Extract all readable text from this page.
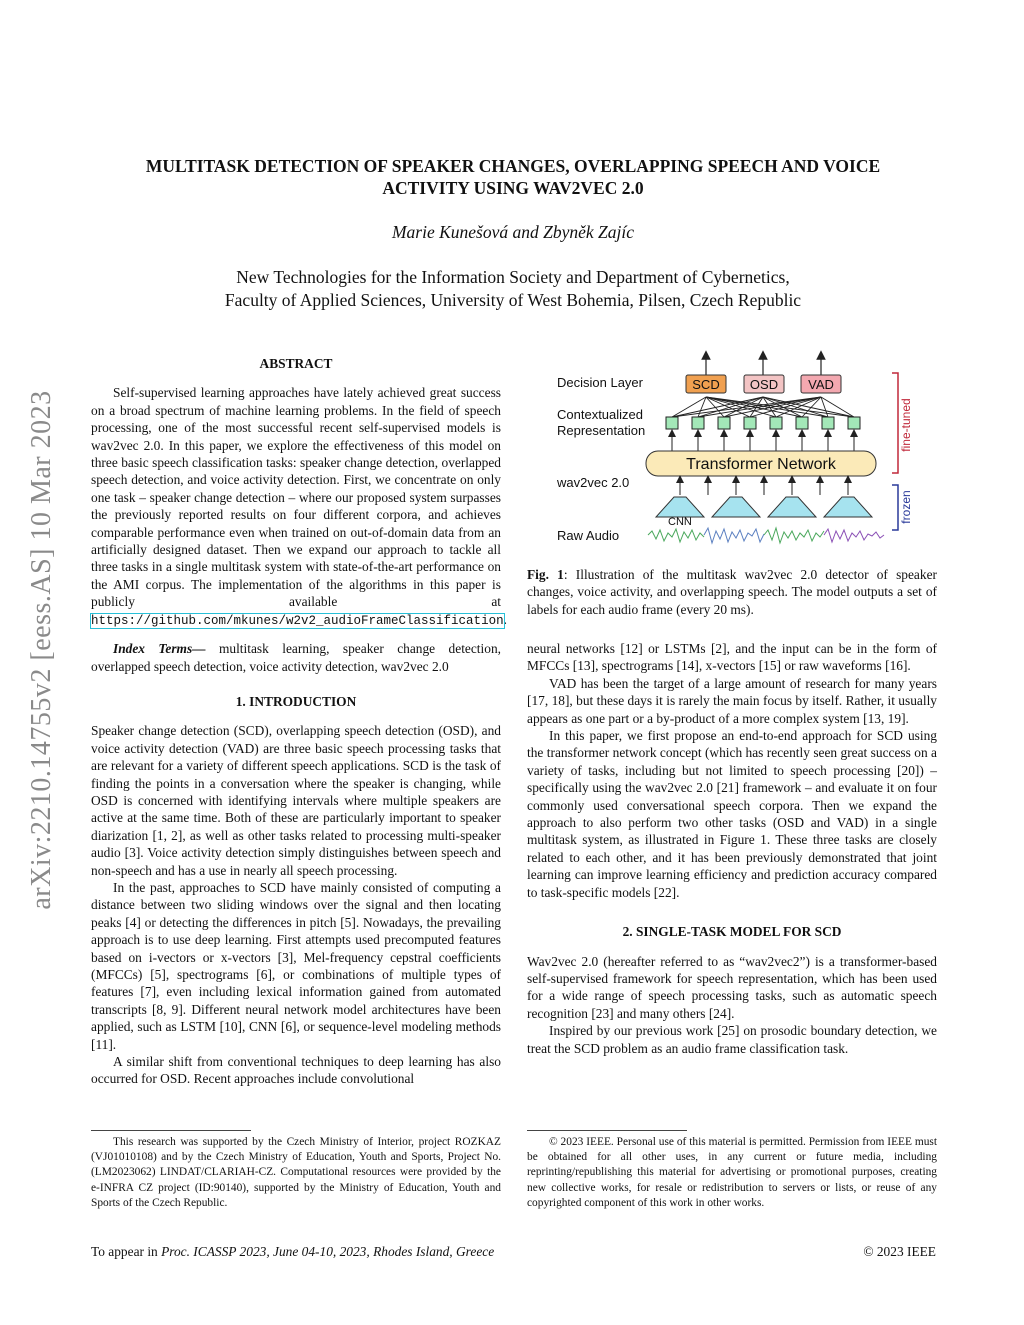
arXiv:2210.14755v2 [eess.AS] 10 Mar 2023
MULTITASK DETECTION OF SPEAKER CHANGES, OVERLAPPING SPEECH AND VOICE
ACTIVITY USING WAV2VEC 2.0
Marie Kunešová and Zbyněk Zajíc
New Technologies for the Information Society and Department of Cybernetics,
Faculty of Applied Sciences, University of West Bohemia, Pilsen, Czech Republic
ABSTRACT
Self-supervised learning approaches have lately achieved great success on a broad spectrum of machine learning problems. In the field of speech processing, one of the most successful recent self-supervised models is wav2vec 2.0. In this paper, we explore the effectiveness of this model on three basic speech classification tasks: speaker change detection, overlapped speech detection, and voice activity detection. First, we concentrate on only one task – speaker change detection – where our proposed system surpasses the previously reported results on four different corpora, and achieves comparable performance even when trained on out-of-domain data from an artificially designed dataset. Then we expand our approach to tackle all three tasks in a single multitask system with state-of-the-art performance on the AMI corpus. The implementation of the algorithms in this paper is publicly available at https://github.com/mkunes/w2v2_audioFrameClassification.
Index Terms— multitask learning, speaker change detection, overlapped speech detection, voice activity detection, wav2vec 2.0
1. INTRODUCTION
Speaker change detection (SCD), overlapping speech detection (OSD), and voice activity detection (VAD) are three basic speech processing tasks that are relevant for a variety of different speech applications. SCD is the task of finding the points in a conversation where the speaker is changing, while OSD is concerned with identifying intervals where multiple speakers are active at the same time. Both of these are particularly important to speaker diarization [1, 2], as well as other tasks related to processing multi-speaker audio [3]. Voice activity detection simply distinguishes between speech and non-speech and has a use in nearly all speech processing.
In the past, approaches to SCD have mainly consisted of computing a distance between two sliding windows over the signal and then locating peaks [4] or detecting the differences in pitch [5]. Nowadays, the prevailing approach is to use deep learning. First attempts used precomputed features based on i-vectors or x-vectors [3], Mel-frequency cepstral coefficients (MFCCs) [5], spectrograms [6], or combinations of multiple types of features [7], even including lexical information gained from automated transcripts [8, 9]. Different neural network model architectures have been applied, such as LSTM [10], CNN [6], or sequence-level modeling methods [11].
A similar shift from conventional techniques to deep learning has also occurred for OSD. Recent approaches include convolutional
Decision Layer
Contextualized
Representation
wav2vec 2.0
Raw Audio
SCD OSD VAD
Transformer Network
CNN
fine-tuned
frozen
Fig. 1: Illustration of the multitask wav2vec 2.0 detector of speaker changes, voice activity, and overlapping speech. The model outputs a set of labels for each audio frame (every 20 ms).
neural networks [12] or LSTMs [2], and the input can be in the form of MFCCs [13], spectrograms [14], x-vectors [15] or raw waveforms [16].
VAD has been the target of a large amount of research for many years [17, 18], but these days it is rarely the main focus by itself. Rather, it usually appears as one part or a by-product of a more complex system [13, 19].
In this paper, we first propose an end-to-end approach for SCD using the transformer network concept (which has recently seen great success on a variety of tasks, including but not limited to speech processing [20]) – specifically using the wav2vec 2.0 [21] framework – and evaluate it on four commonly used conversational speech corpora. Then we expand the approach to also perform two other tasks (OSD and VAD) in a single multitask system, as illustrated in Figure 1. These three tasks are closely related to each other, and it has been previously demonstrated that joint learning can improve learning efficiency and prediction accuracy compared to task-specific models [22].
2. SINGLE-TASK MODEL FOR SCD
Wav2vec 2.0 (hereafter referred to as “wav2vec2”) is a transformer-based self-supervised framework for speech representation, which has been used for a wide range of speech processing tasks, such as automatic speech recognition [23] and many others [24].
Inspired by our previous work [25] on prosodic boundary detection, we treat the SCD problem as an audio frame classification task.
This research was supported by the Czech Ministry of Interior, project ROZKAZ (VJ01010108) and by the Czech Ministry of Education, Youth and Sports, Project No. (LM2023062) LINDAT/CLARIAH-CZ. Computational resources were provided by the e-INFRA CZ project (ID:90140), supported by the Ministry of Education, Youth and Sports of the Czech Republic.
© 2023 IEEE. Personal use of this material is permitted. Permission from IEEE must be obtained for all other uses, in any current or future media, including reprinting/republishing this material for advertising or promotional purposes, creating new collective works, for resale or redistribution to servers or lists, or reuse of any copyrighted component of this work in other works.
To appear in Proc. ICASSP 2023, June 04-10, 2023, Rhodes Island, Greece	© 2023 IEEE
